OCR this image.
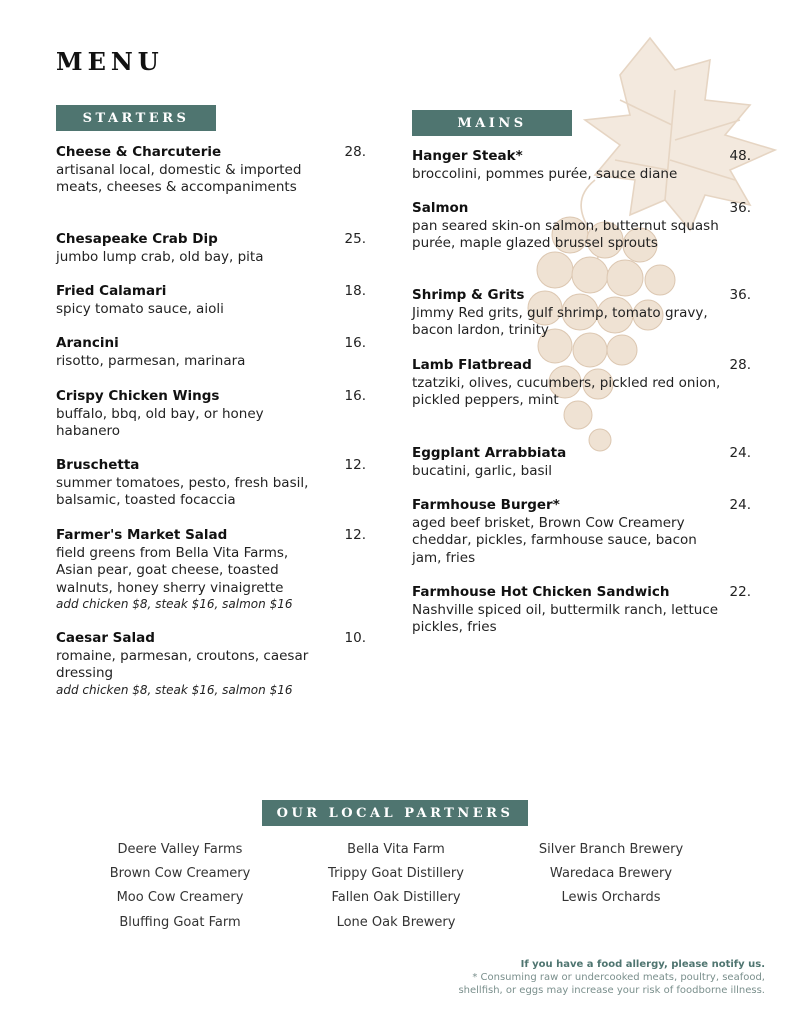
MENU
STARTERS	MAINS
Cheese & Charcuterie	28.
artisanal local, domestic & imported meats, cheeses & accompaniments
Chesapeake Crab Dip	25.
jumbo lump crab, old bay, pita
Fried Calamari	18.
spicy tomato sauce, aioli
Arancini	16.
risotto, parmesan, marinara
Crispy Chicken Wings	16.
buffalo, bbq, old bay, or honey habanero
Bruschetta	12.
summer tomatoes, pesto, fresh basil, balsamic, toasted focaccia
Farmer's Market Salad	12.
field greens from Bella Vita Farms, Asian pear, goat cheese, toasted walnuts, honey sherry vinaigrette
add chicken $8, steak $16, salmon $16
Caesar Salad	10.
romaine, parmesan, croutons, caesar dressing
add chicken $8, steak $16, salmon $16
Hanger Steak*	48.
broccolini, pommes purée, sauce diane
Salmon	36.
pan seared skin-on salmon, butternut squash purée, maple glazed brussel sprouts
Shrimp & Grits	36.
Jimmy Red grits, gulf shrimp, tomato gravy, bacon lardon, trinity
Lamb Flatbread	28.
tzatziki, olives, cucumbers, pickled red onion, pickled peppers, mint
Eggplant Arrabbiata	24.
bucatini, garlic, basil
Farmhouse Burger*	24.
aged beef brisket, Brown Cow Creamery cheddar, pickles, farmhouse sauce, bacon jam, fries
Farmhouse Hot Chicken Sandwich	22.
Nashville spiced oil, buttermilk ranch, lettuce pickles, fries
OUR LOCAL PARTNERS
Deere Valley Farms
Brown Cow Creamery
Moo Cow Creamery
Bluffing Goat Farm
Bella Vita Farm
Trippy Goat Distillery
Fallen Oak Distillery
Lone Oak Brewery
Silver Branch Brewery
Waredaca Brewery
Lewis Orchards
If you have a food allergy, please notify us.
* Consuming raw or undercooked meats, poultry, seafood,
shellfish, or eggs may increase your risk of foodborne illness.
